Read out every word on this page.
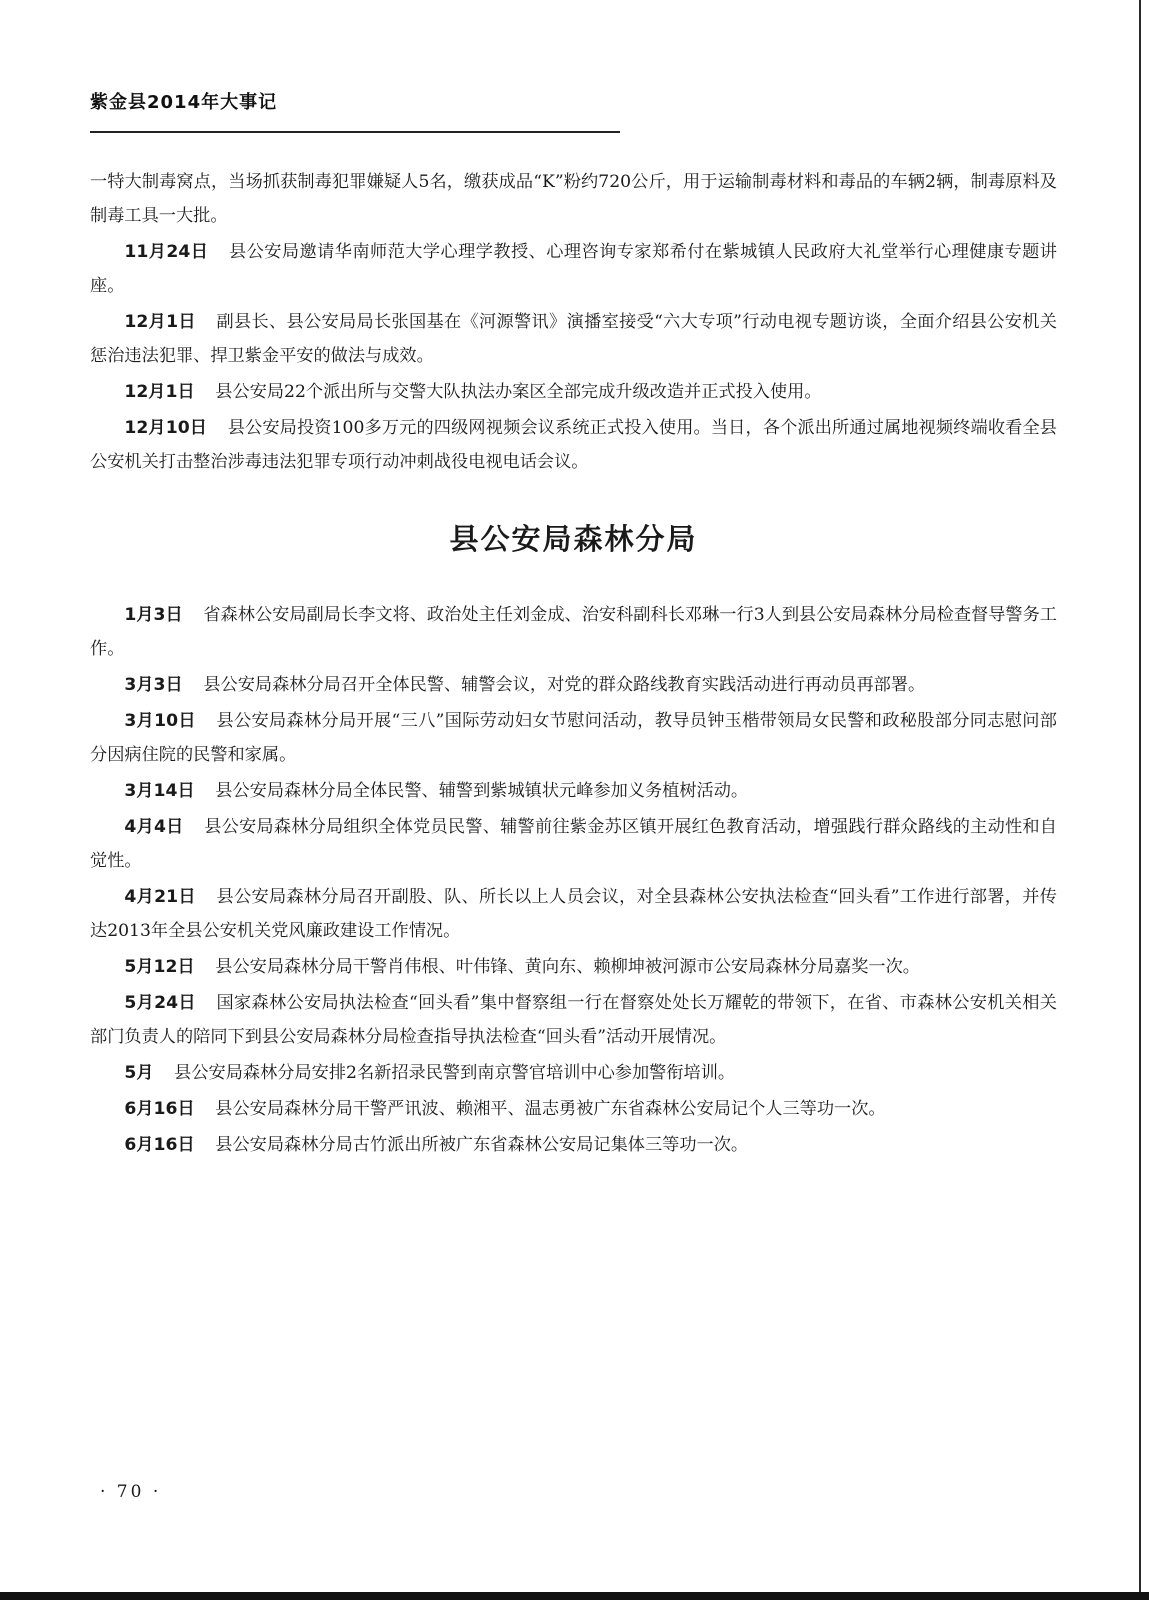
紫金县2014年大事记

一特大制毒窝点，当场抓获制毒犯罪嫌疑人5名，缴获成品“K”粉约720公斤，用于运输制毒材料和毒品的车辆2辆，制毒原料及制毒工具一大批。

11月24日 县公安局邀请华南师范大学心理学教授、心理咨询专家郑希付在紫城镇人民政府大礼堂举行心理健康专题讲座。

12月1日 副县长、县公安局局长张国基在《河源警讯》演播室接受“六大专项”行动电视专题访谈，全面介绍县公安机关惩治违法犯罪、捍卫紫金平安的做法与成效。

12月1日 县公安局22个派出所与交警大队执法办案区全部完成升级改造并正式投入使用。

12月10日 县公安局投资100多万元的四级网视频会议系统正式投入使用。当日，各个派出所通过属地视频终端收看全县公安机关打击整治涉毒违法犯罪专项行动冲刺战役电视电话会议。

县公安局森林分局

1月3日 省森林公安局副局长李文将、政治处主任刘金成、治安科副科长邓琳一行3人到县公安局森林分局检查督导警务工作。

3月3日 县公安局森林分局召开全体民警、辅警会议，对党的群众路线教育实践活动进行再动员再部署。

3月10日 县公安局森林分局开展“三八”国际劳动妇女节慰问活动，教导员钟玉楷带领局女民警和政秘股部分同志慰问部分因病住院的民警和家属。

3月14日 县公安局森林分局全体民警、辅警到紫城镇状元峰参加义务植树活动。

4月4日 县公安局森林分局组织全体党员民警、辅警前往紫金苏区镇开展红色教育活动，增强践行群众路线的主动性和自觉性。

4月21日 县公安局森林分局召开副股、队、所长以上人员会议，对全县森林公安执法检查“回头看”工作进行部署，并传达2013年全县公安机关党风廉政建设工作情况。

5月12日 县公安局森林分局干警肖伟根、叶伟锋、黄向东、赖柳坤被河源市公安局森林分局嘉奖一次。

5月24日 国家森林公安局执法检查“回头看”集中督察组一行在督察处处长万耀乾的带领下，在省、市森林公安机关相关部门负责人的陪同下到县公安局森林分局检查指导执法检查“回头看”活动开展情况。

5月 县公安局森林分局安排2名新招录民警到南京警官培训中心参加警衔培训。

6月16日 县公安局森林分局干警严讯波、赖湘平、温志勇被广东省森林公安局记个人三等功一次。

6月16日 县公安局森林分局古竹派出所被广东省森林公安局记集体三等功一次。

· 70 ·
